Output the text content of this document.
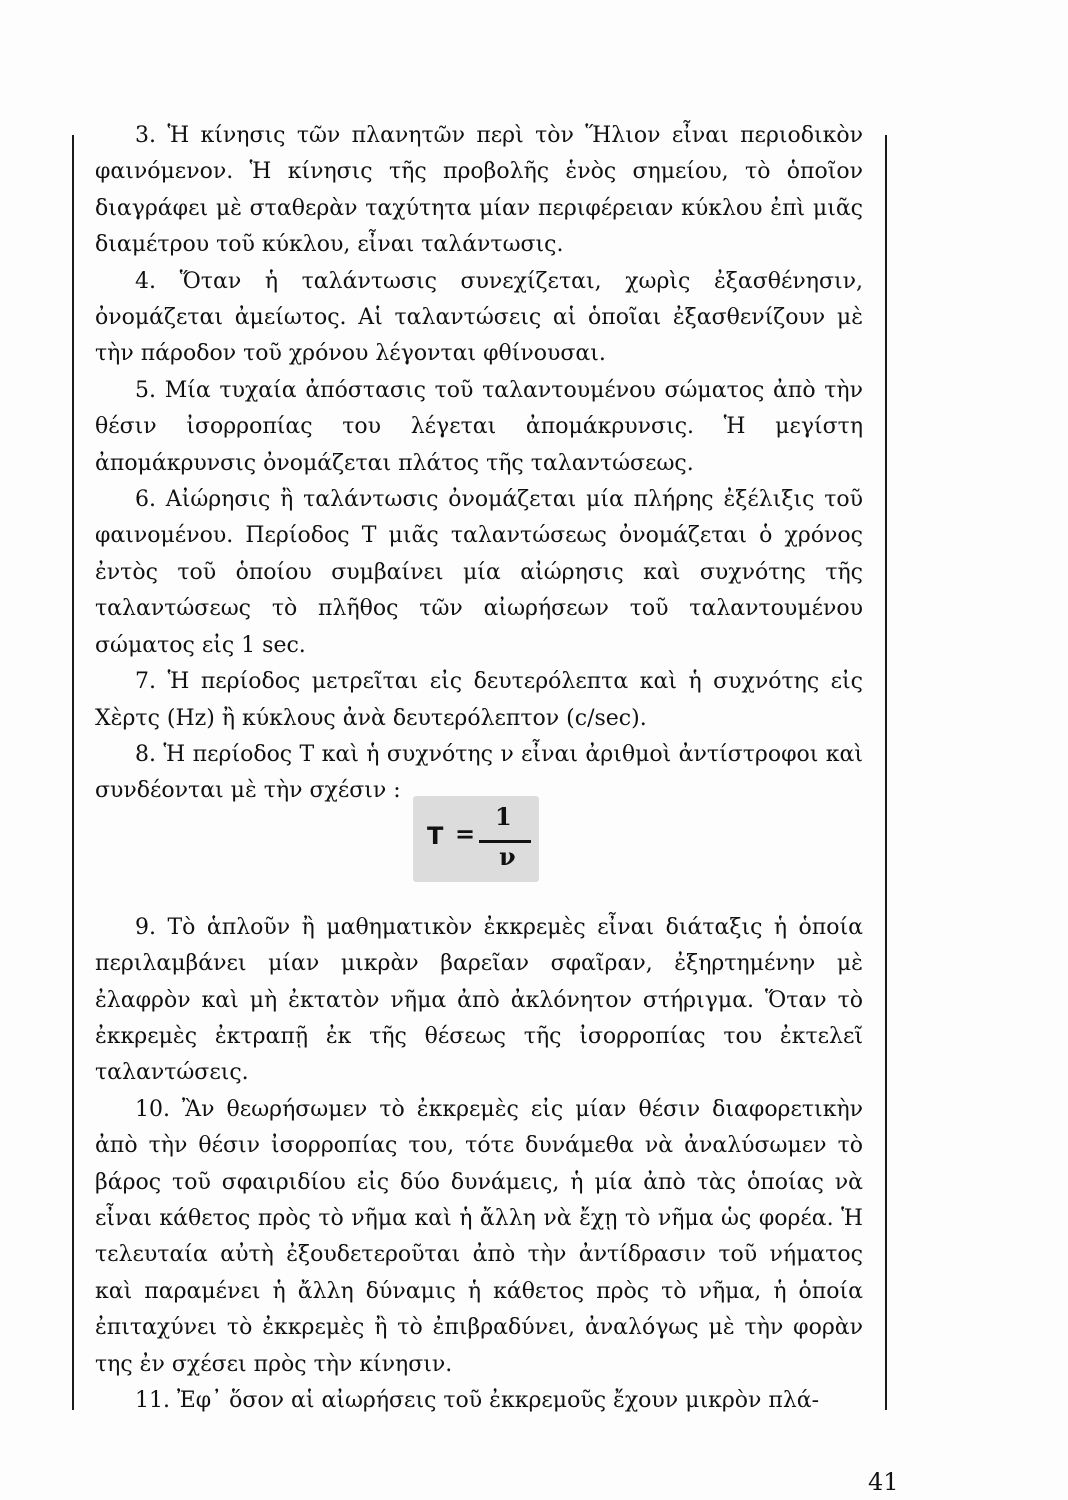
3. Ἡ κίνησις τῶν πλανητῶν περὶ τὸν Ἥλιον εἶναι περιοδικὸν φαινόμενον. Ἡ κίνησις τῆς προβολῆς ἑνὸς σημείου, τὸ ὁποῖον διαγράφει μὲ σταθερὰν ταχύτητα μίαν περιφέρειαν κύκλου ἐπὶ μιᾶς διαμέτρου τοῦ κύκλου, εἶναι ταλάντωσις.

4. Ὅταν ἡ ταλάντωσις συνεχίζεται, χωρὶς ἐξασθένησιν, ὀνομάζεται ἀμείωτος. Αἱ ταλαντώσεις αἱ ὁποῖαι ἐξασθενίζουν μὲ τὴν πάροδον τοῦ χρόνου λέγονται φθίνουσαι.

5. Μία τυχαία ἀπόστασις τοῦ ταλαντουμένου σώματος ἀπὸ τὴν θέσιν ἰσορροπίας του λέγεται ἀπομάκρυνσις. Ἡ μεγίστη ἀπομάκρυνσις ὀνομάζεται πλάτος τῆς ταλαντώσεως.

6. Αἰώρησις ἢ ταλάντωσις ὀνομάζεται μία πλήρης ἐξέλιξις τοῦ φαινομένου. Περίοδος T μιᾶς ταλαντώσεως ὀνομάζεται ὁ χρόνος ἐντὸς τοῦ ὁποίου συμβαίνει μία αἰώρησις καὶ συχνότης τῆς ταλαντώσεως τὸ πλῆθος τῶν αἰωρήσεων τοῦ ταλαντουμένου σώματος εἰς 1 sec.

7. Ἡ περίοδος μετρεῖται εἰς δευτερόλεπτα καὶ ἡ συχνότης εἰς Χὲρτς (Hz) ἢ κύκλους ἀνὰ δευτερόλεπτον (c/sec).

8. Ἡ περίοδος T καὶ ἡ συχνότης ν εἶναι ἀριθμοὶ ἀντίστροφοι καὶ συνδέονται μὲ τὴν σχέσιν :

9. Τὸ ἁπλοῦν ἢ μαθηματικὸν ἐκκρεμὲς εἶναι διάταξις ἡ ὁποία περιλαμβάνει μίαν μικρὰν βαρεῖαν σφαῖραν, ἐξηρτημένην μὲ ἐλαφρὸν καὶ μὴ ἐκτατὸν νῆμα ἀπὸ ἀκλόνητον στήριγμα. Ὅταν τὸ ἐκκρεμὲς ἐκτραπῇ ἐκ τῆς θέσεως τῆς ἰσορροπίας του ἐκτελεῖ ταλαντώσεις.

10. Ἂν θεωρήσωμεν τὸ ἐκκρεμὲς εἰς μίαν θέσιν διαφορετικὴν ἀπὸ τὴν θέσιν ἰσορροπίας του, τότε δυνάμεθα νὰ ἀναλύσωμεν τὸ βάρος τοῦ σφαιριδίου εἰς δύο δυνάμεις, ἡ μία ἀπὸ τὰς ὁποίας νὰ εἶναι κάθετος πρὸς τὸ νῆμα καὶ ἡ ἄλλη νὰ ἔχῃ τὸ νῆμα ὡς φορέα. Ἡ τελευταία αὐτὴ ἐξουδετεροῦται ἀπὸ τὴν ἀντίδρασιν τοῦ νήματος καὶ παραμένει ἡ ἄλλη δύναμις ἡ κάθετος πρὸς τὸ νῆμα, ἡ ὁποία ἐπιταχύνει τὸ ἐκκρεμὲς ἢ τὸ ἐπιβραδύνει, ἀναλόγως μὲ τὴν φορὰν της ἐν σχέσει πρὸς τὴν κίνησιν.

11. Ἐφ᾽ ὅσον αἱ αἰωρήσεις τοῦ ἐκκρεμοῦς ἔχουν μικρὸν πλά-

T =
1
ν
41
